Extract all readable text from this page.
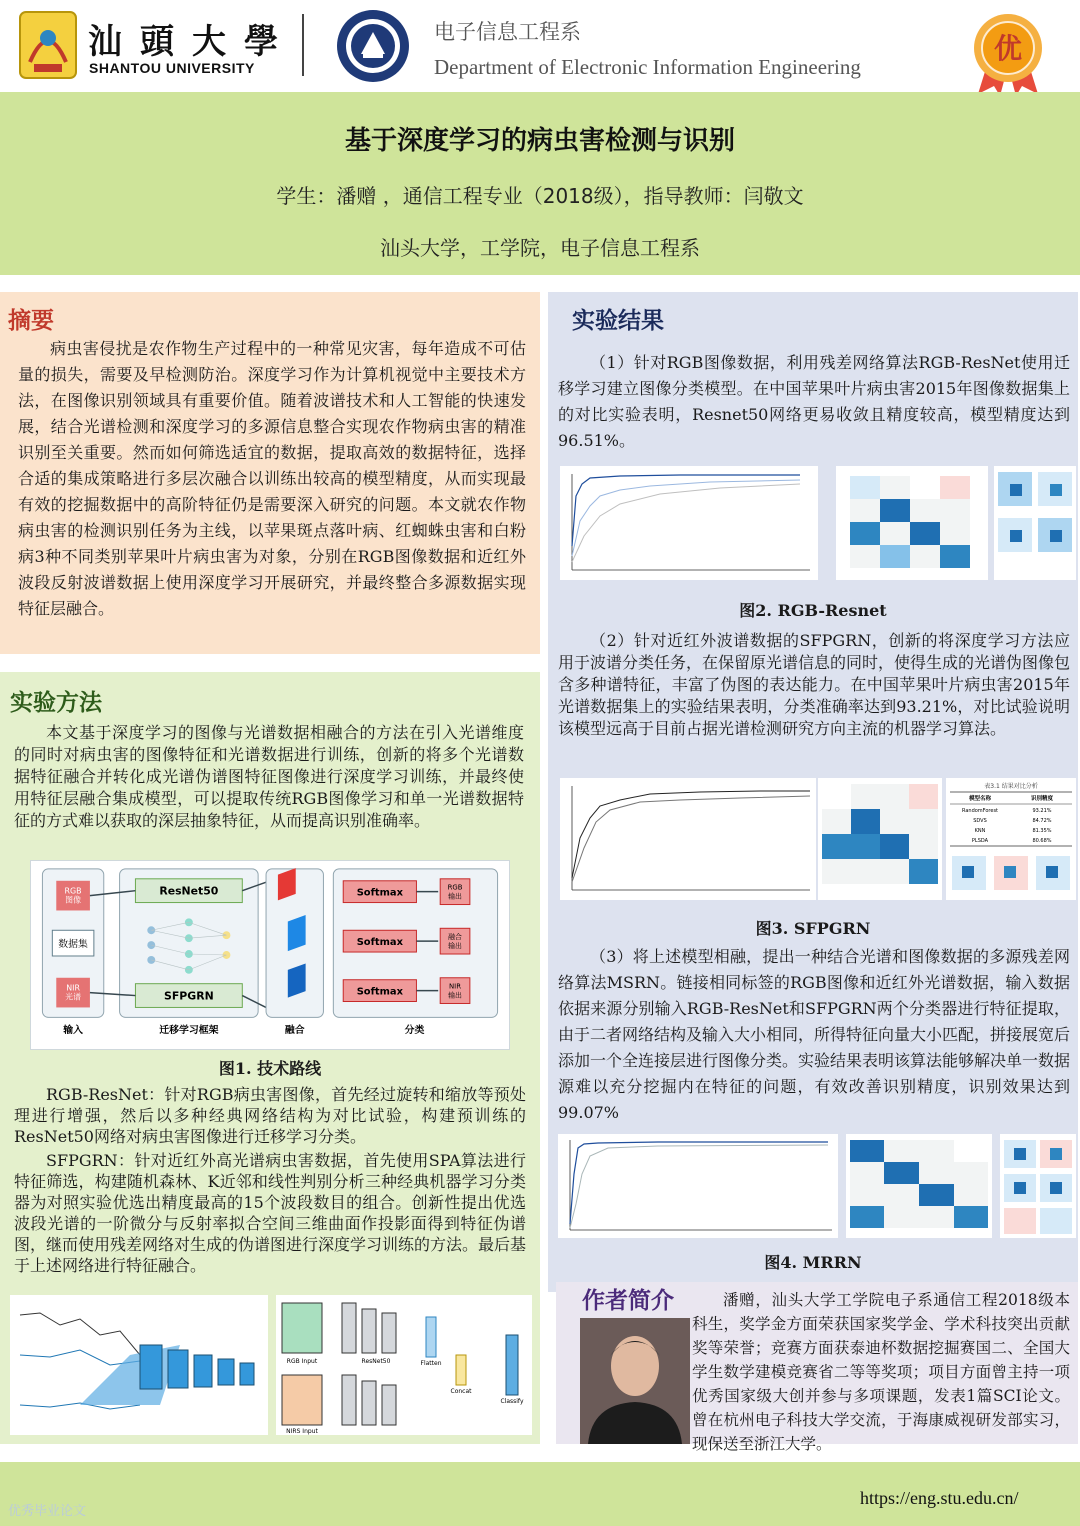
汕頭大學
SHANTOU UNIVERSITY
电子信息工程系
Department of Electronic Information Engineering
优
基于深度学习的病虫害检测与识别
学生：潘赠 ，通信工程专业（2018级），指导教师：闫敬文
汕头大学，工学院，电子信息工程系
摘要
病虫害侵扰是农作物生产过程中的一种常见灾害，每年造成不可估量的损失，需要及早检测防治。深度学习作为计算机视觉中主要技术方法，在图像识别领域具有重要价值。随着波谱技术和人工智能的快速发展，结合光谱检测和深度学习的多源信息整合实现农作物病虫害的精准识别至关重要。然而如何筛选适宜的数据，提取高效的数据特征，选择合适的集成策略进行多层次融合以训练出较高的模型精度，从而实现最有效的挖掘数据中的高阶特征仍是需要深入研究的问题。本文就农作物病虫害的检测识别任务为主线，以苹果斑点落叶病、红蜘蛛虫害和白粉病3种不同类别苹果叶片病虫害为对象，分别在RGB图像数据和近红外波段反射波谱数据上使用深度学习开展研究，并最终整合多源数据实现特征层融合。
实验方法
本文基于深度学习的图像与光谱数据相融合的方法在引入光谱维度的同时对病虫害的图像特征和光谱数据进行训练，创新的将多个光谱数据特征融合并转化成光谱伪谱图特征图像进行深度学习训练，并最终使用特征层融合集成模型，可以提取传统RGB图像学习和单一光谱数据特征的方式难以获取的深层抽象特征，从而提高识别准确率。
RGB 图像
数据集
NIR 光谱
输入
ResNet50
SFPGRN
迁移学习框架	融合
Softmax
Softmax
Softmax
RGB 输出
融合输出
NIR 输出
分类
图1. 技术路线
RGB-ResNet：针对RGB病虫害图像，首先经过旋转和缩放等预处理进行增强，然后以多种经典网络结构为对比试验，构建预训练的ResNet50网络对病虫害图像进行迁移学习分类。
SFPGRN：针对近红外高光谱病虫害数据，首先使用SPA算法进行特征筛选，构建随机森林、K近邻和线性判别分析三种经典机器学习分类器为对照实验优选出精度最高的15个波段数目的组合。创新性提出优选波段光谱的一阶微分与反射率拟合空间三维曲面作投影面得到特征伪谱图，继而使用残差网络对生成的伪谱图进行深度学习训练的方法。最后基于上述网络进行特征融合。
RGB Input
NIRS Input
ResNet50	Flatten
Concat
Classify
实验结果
（1）针对RGB图像数据，利用残差网络算法RGB-ResNet使用迁移学习建立图像分类模型。在中国苹果叶片病虫害2015年图像数据集上的对比实验表明，Resnet50网络更易收敛且精度较高，模型精度达到96.51%。
图2. RGB-Resnet
（2）针对近红外波谱数据的SFPGRN，创新的将深度学习方法应用于波谱分类任务，在保留原光谱信息的同时，使得生成的光谱伪图像包含多种谱特征，丰富了伪图的表达能力。在中国苹果叶片病虫害2015年光谱数据集上的实验结果表明，分类准确率达到93.21%，对比试验说明该模型远高于目前占据光谱检测研究方向主流的机器学习算法。
表3.1 结果对比分析
模型名称	识别精度
RandomForest	93.21%
SDVS	84.72%
KNN	81.35%
PLSDA	80.68%
图3. SFPGRN
（3）将上述模型相融，提出一种结合光谱和图像数据的多源残差网络算法MSRN。链接相同标签的RGB图像和近红外光谱数据，输入数据依据来源分别输入RGB-ResNet和SFPGRN两个分类器进行特征提取，由于二者网络结构及输入大小相同，所得特征向量大小匹配，拼接展宽后添加一个全连接层进行图像分类。实验结果表明该算法能够解决单一数据源难以充分挖掘内在特征的问题，有效改善识别精度，识别效果达到99.07%
图4. MRRN
作者简介	潘赠，汕头大学工学院电子系通信工程2018级本科生，奖学金方面荣获国家奖学金、学术科技突出贡献奖等荣誉；竞赛方面获泰迪杯数据挖掘赛国二、全国大学生数学建模竞赛省二等等奖项；项目方面曾主持一项优秀国家级大创并参与多项课题，发表1篇SCI论文。曾在杭州电子科技大学交流，于海康威视研发部实习，现保送至浙江大学。
https://eng.stu.edu.cn/
优秀毕业论文
